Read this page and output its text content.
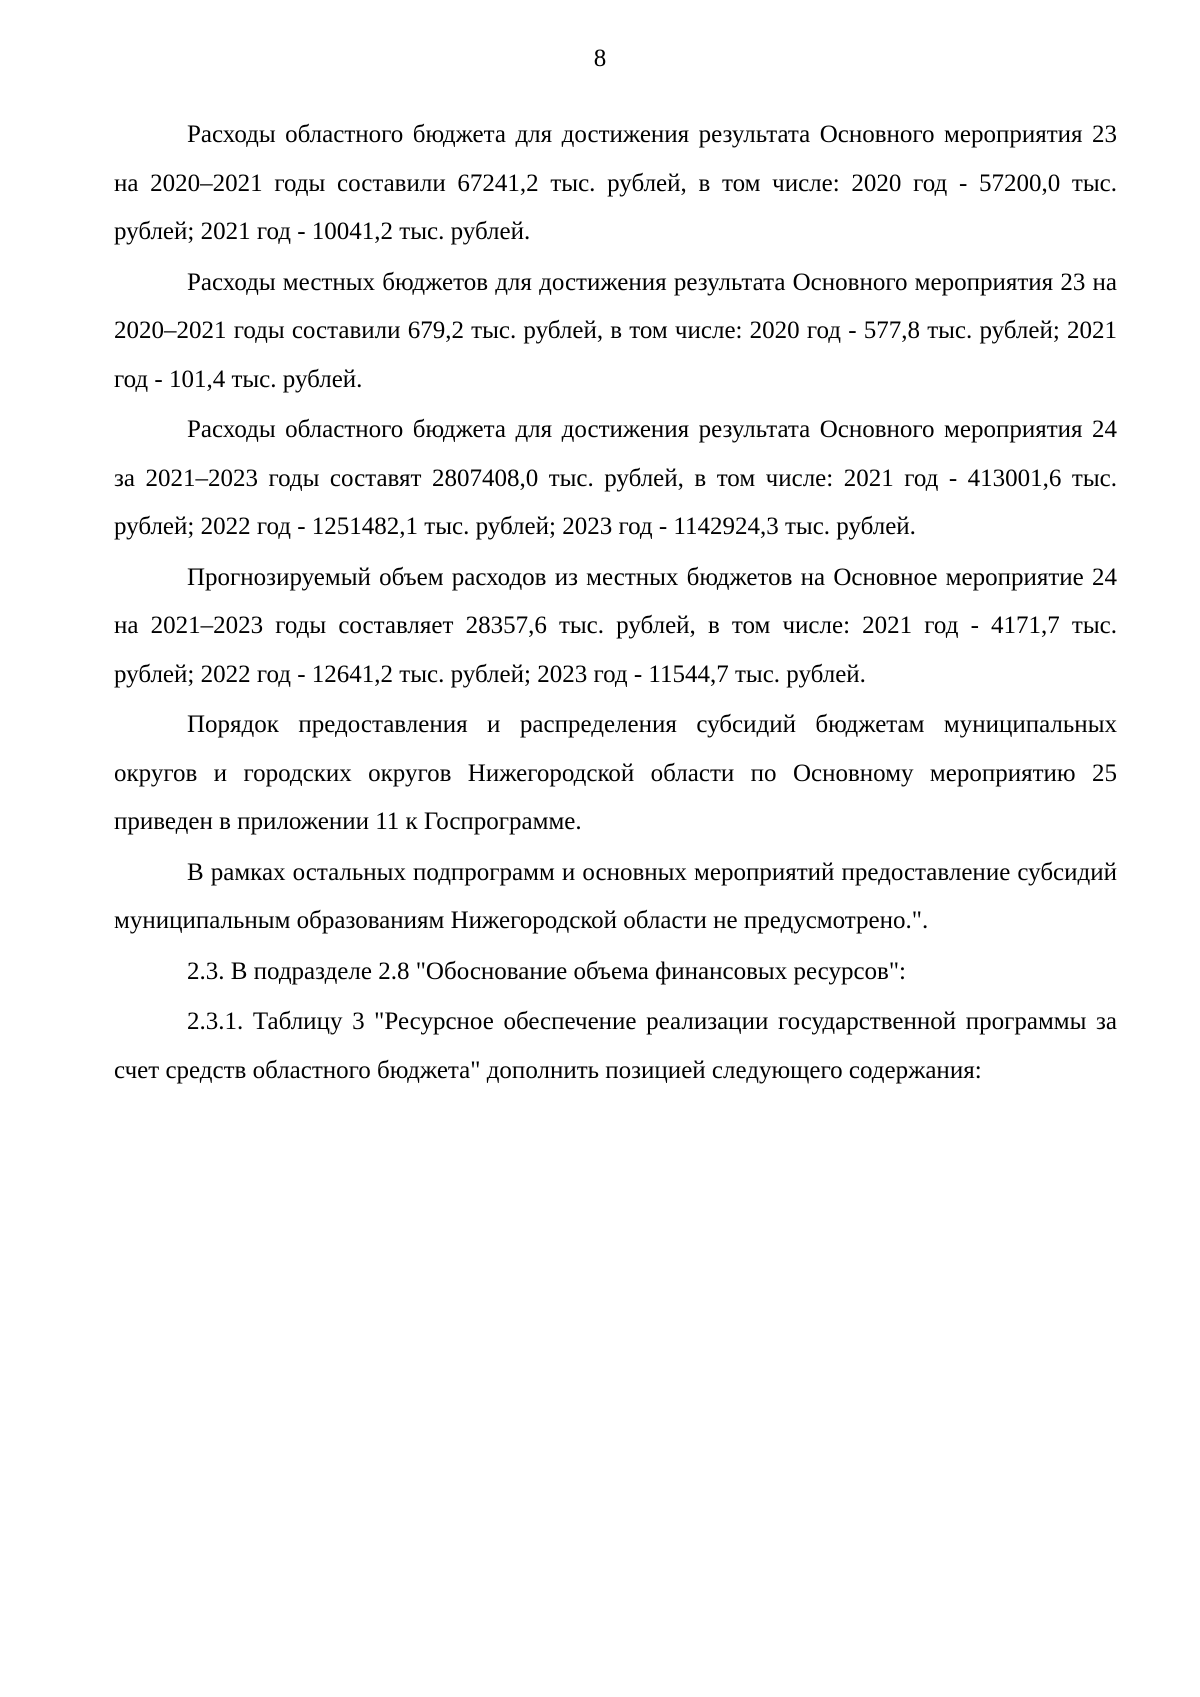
8

Расходы областного бюджета для достижения результата Основного мероприятия 23 на 2020–2021 годы составили 67241,2 тыс. рублей, в том числе: 2020 год - 57200,0 тыс. рублей; 2021 год - 10041,2 тыс. рублей.

Расходы местных бюджетов для достижения результата Основного мероприятия 23 на 2020–2021 годы составили 679,2 тыс. рублей, в том числе: 2020 год - 577,8 тыс. рублей; 2021 год - 101,4 тыс. рублей.

Расходы областного бюджета для достижения результата Основного мероприятия 24 за 2021–2023 годы составят 2807408,0 тыс. рублей, в том числе: 2021 год - 413001,6 тыс. рублей; 2022 год - 1251482,1 тыс. рублей; 2023 год - 1142924,3 тыс. рублей.

Прогнозируемый объем расходов из местных бюджетов на Основное мероприятие 24 на 2021–2023 годы составляет 28357,6 тыс. рублей, в том числе: 2021 год - 4171,7 тыс. рублей; 2022 год - 12641,2 тыс. рублей; 2023 год - 11544,7 тыс. рублей.

Порядок предоставления и распределения субсидий бюджетам муниципальных округов и городских округов Нижегородской области по Основному мероприятию 25 приведен в приложении 11 к Госпрограмме.

В рамках остальных подпрограмм и основных мероприятий предоставление субсидий муниципальным образованиям Нижегородской области не предусмотрено.".

2.3. В подразделе 2.8 "Обоснование объема финансовых ресурсов":

2.3.1. Таблицу 3 "Ресурсное обеспечение реализации государственной программы за счет средств областного бюджета" дополнить позицией следующего содержания:
